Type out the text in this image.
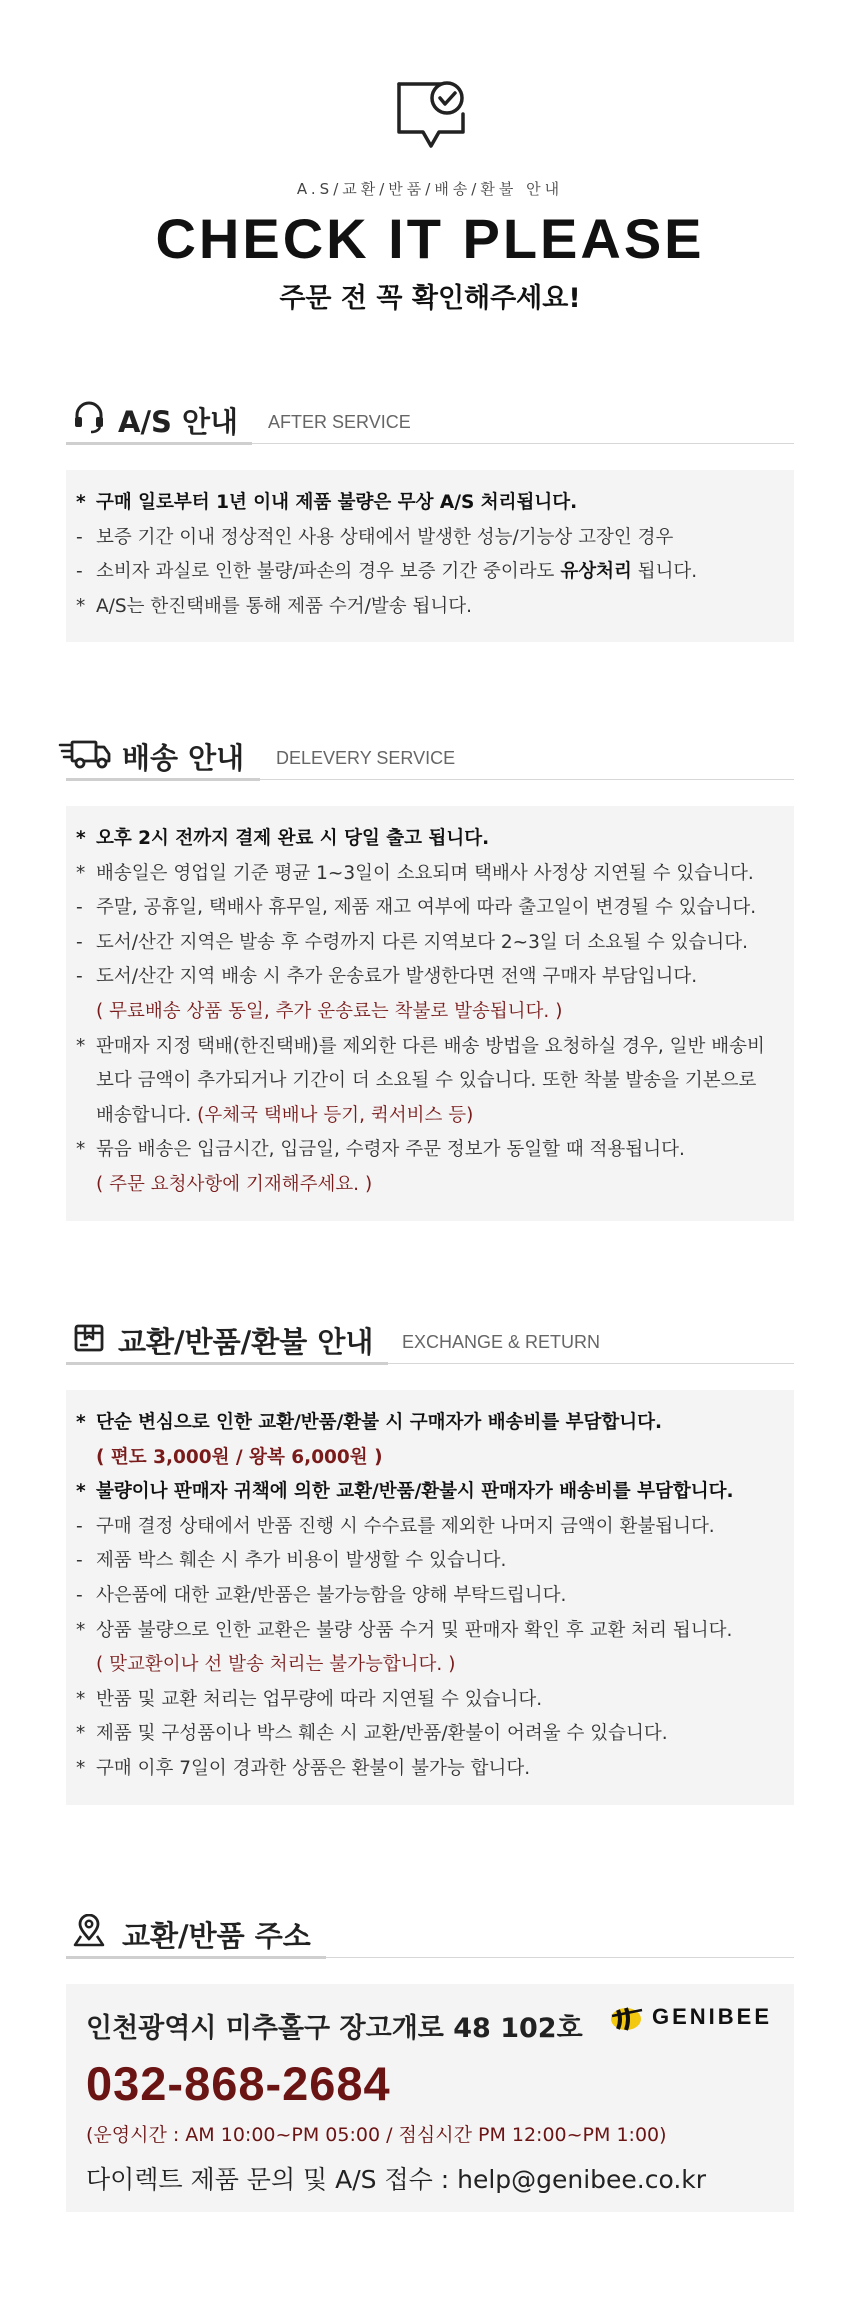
A.S/교환/반품/배송/환불 안내
CHECK IT PLEASE
주문 전 꼭 확인해주세요!
A/S 안내 AFTER SERVICE
* 구매 일로부터 1년 이내 제품 불량은 무상 A/S 처리됩니다.
- 보증 기간 이내 정상적인 사용 상태에서 발생한 성능/기능상 고장인 경우
- 소비자 과실로 인한 불량/파손의 경우 보증 기간 중이라도 유상처리 됩니다.
* A/S는 한진택배를 통해 제품 수거/발송 됩니다.
배송 안내 DELEVERY SERVICE
* 오후 2시 전까지 결제 완료 시 당일 출고 됩니다.
* 배송일은 영업일 기준 평균 1~3일이 소요되며 택배사 사정상 지연될 수 있습니다.
- 주말, 공휴일, 택배사 휴무일, 제품 재고 여부에 따라 출고일이 변경될 수 있습니다.
- 도서/산간 지역은 발송 후 수령까지 다른 지역보다 2~3일 더 소요될 수 있습니다.
- 도서/산간 지역 배송 시 추가 운송료가 발생한다면 전액 구매자 부담입니다.
( 무료배송 상품 동일, 추가 운송료는 착불로 발송됩니다. )
* 판매자 지정 택배(한진택배)를 제외한 다른 배송 방법을 요청하실 경우, 일반 배송비
보다 금액이 추가되거나 기간이 더 소요될 수 있습니다. 또한 착불 발송을 기본으로
배송합니다. (우체국 택배나 등기, 퀵서비스 등)
* 묶음 배송은 입금시간, 입금일, 수령자 주문 정보가 동일할 때 적용됩니다.
( 주문 요청사항에 기재해주세요. )
교환/반품/환불 안내 EXCHANGE & RETURN
* 단순 변심으로 인한 교환/반품/환불 시 구매자가 배송비를 부담합니다.
( 편도 3,000원 / 왕복 6,000원 )
* 불량이나 판매자 귀책에 의한 교환/반품/환불시 판매자가 배송비를 부담합니다.
- 구매 결정 상태에서 반품 진행 시 수수료를 제외한 나머지 금액이 환불됩니다.
- 제품 박스 훼손 시 추가 비용이 발생할 수 있습니다.
- 사은품에 대한 교환/반품은 불가능함을 양해 부탁드립니다.
* 상품 불량으로 인한 교환은 불량 상품 수거 및 판매자 확인 후 교환 처리 됩니다.
( 맞교환이나 선 발송 처리는 불가능합니다. )
* 반품 및 교환 처리는 업무량에 따라 지연될 수 있습니다.
* 제품 및 구성품이나 박스 훼손 시 교환/반품/환불이 어려울 수 있습니다.
* 구매 이후 7일이 경과한 상품은 환불이 불가능 합니다.
교환/반품 주소
인천광역시 미추홀구 장고개로 48 102호	GENIBEE
032-868-2684
(운영시간 : AM 10:00~PM 05:00 / 점심시간 PM 12:00~PM 1:00)
다이렉트 제품 문의 및 A/S 접수 : help@genibee.co.kr
